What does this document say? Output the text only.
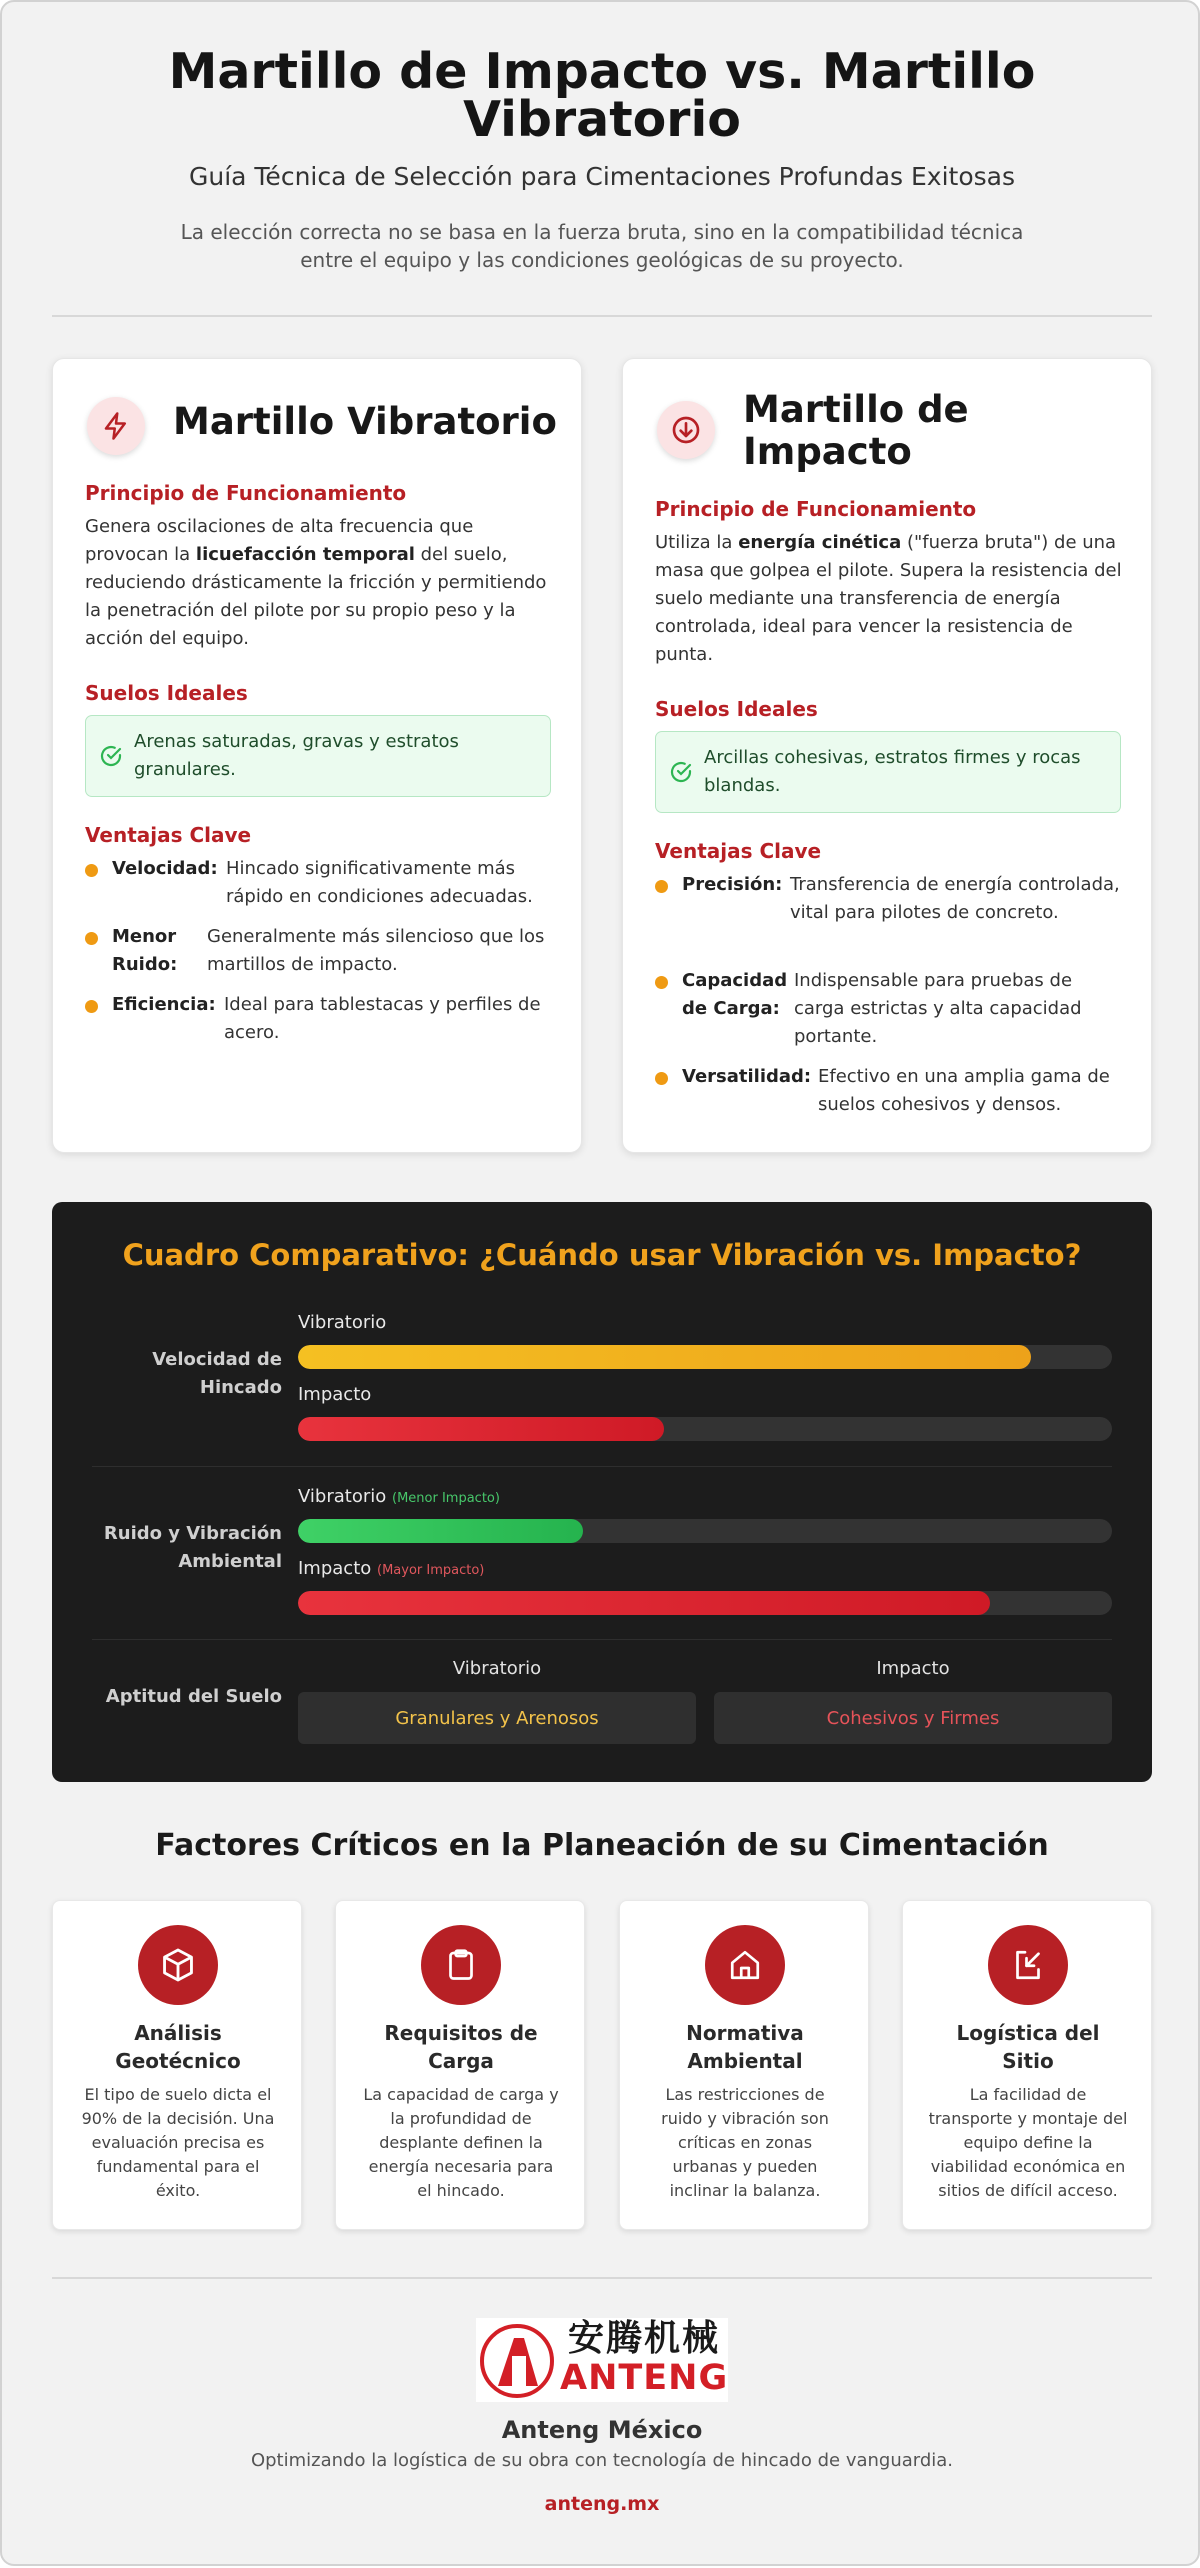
Martillo de Impacto vs. Martillo
Vibratorio
Guía Técnica de Selección para Cimentaciones Profundas Exitosas
La elección correcta no se basa en la fuerza bruta, sino en la compatibilidad técnica
entre el equipo y las condiciones geológicas de su proyecto.
Martillo Vibratorio
Principio de Funcionamiento
Genera oscilaciones de alta frecuencia que provocan la licuefacción temporal del suelo, reduciendo drásticamente la fricción y permitiendo la penetración del pilote por su propio peso y la acción del equipo.
Suelos Ideales
Arenas saturadas, gravas y estratos granulares.
Ventajas Clave
Velocidad: Hincado significativamente más rápido en condiciones adecuadas.
Menor Ruido:
Generalmente más silencioso que los martillos de impacto.
Eficiencia: Ideal para tablestacas y perfiles de acero.
Martillo de
Impacto
Principio de Funcionamiento
Utiliza la energía cinética ("fuerza bruta") de una masa que golpea el pilote. Supera la resistencia del suelo mediante una transferencia de energía controlada, ideal para vencer la resistencia de punta.
Suelos Ideales
Arcillas cohesivas, estratos firmes y rocas blandas.
Ventajas Clave
Precisión: Transferencia de energía controlada, vital para pilotes de concreto.
Capacidad de Carga:
Indispensable para pruebas de carga estrictas y alta capacidad portante.
Versatilidad: Efectivo en una amplia gama de suelos cohesivos y densos.
Cuadro Comparativo: ¿Cuándo usar Vibración vs. Impacto?
Velocidad de Hincado
Vibratorio
Impacto
Ruido y Vibración Ambiental
Vibratorio (Menor Impacto)
Impacto (Mayor Impacto)
Aptitud del Suelo
Vibratorio
Granulares y Arenosos
Impacto
Cohesivos y Firmes
Factores Críticos en la Planeación de su Cimentación
Análisis
Geotécnico
El tipo de suelo dicta el
90% de la decisión. Una
evaluación precisa es
fundamental para el
éxito.
Requisitos de
Carga
La capacidad de carga y
la profundidad de
desplante definen la
energía necesaria para
el hincado.
Normativa
Ambiental
Las restricciones de
ruido y vibración son
críticas en zonas
urbanas y pueden
inclinar la balanza.
Logística del
Sitio
La facilidad de
transporte y montaje del
equipo define la
viabilidad económica en
sitios de difícil acceso.
安腾机械
ANTENG
Anteng México
Optimizando la logística de su obra con tecnología de hincado de vanguardia.
anteng.mx
